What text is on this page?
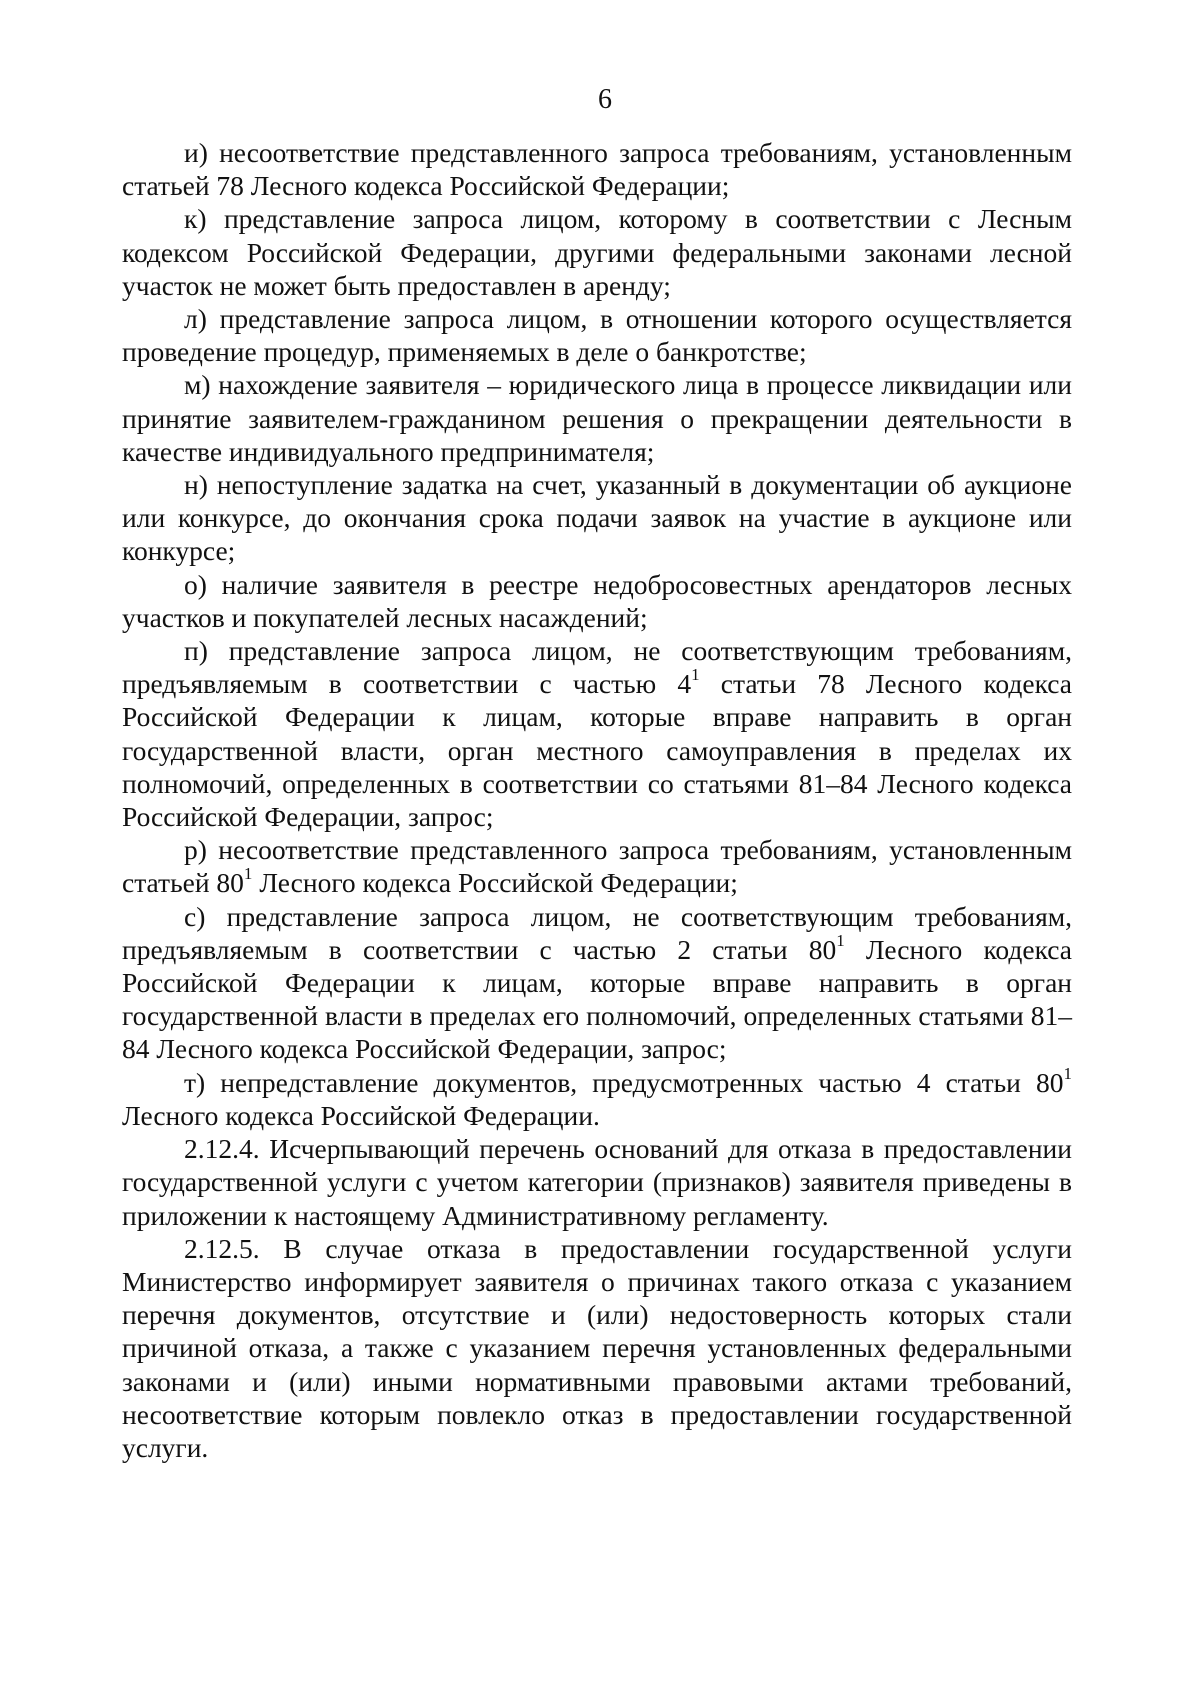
6

и) несоответствие представленного запроса требованиям, установленным статьей 78 Лесного кодекса Российской Федерации;

к) представление запроса лицом, которому в соответствии с Лесным кодексом Российской Федерации, другими федеральными законами лесной участок не может быть предоставлен в аренду;

л) представление запроса лицом, в отношении которого осуществляется проведение процедур, применяемых в деле о банкротстве;

м) нахождение заявителя – юридического лица в процессе ликвидации или принятие заявителем-гражданином решения о прекращении деятельности в качестве индивидуального предпринимателя;

н) непоступление задатка на счет, указанный в документации об аукционе или конкурсе, до окончания срока подачи заявок на участие в аукционе или конкурсе;

о) наличие заявителя в реестре недобросовестных арендаторов лесных участков и покупателей лесных насаждений;

п) представление запроса лицом, не соответствующим требованиям, предъявляемым в соответствии с частью $4^1$ статьи 78 Лесного кодекса Российской Федерации к лицам, которые вправе направить в орган государственной власти, орган местного самоуправления в пределах их полномочий, определенных в соответствии со статьями 81–84 Лесного кодекса Российской Федерации, запрос;

р) несоответствие представленного запроса требованиям, установленным статьей $80^1$ Лесного кодекса Российской Федерации;

с) представление запроса лицом, не соответствующим требованиям, предъявляемым в соответствии с частью 2 статьи $80^1$ Лесного кодекса Российской Федерации к лицам, которые вправе направить в орган государственной власти в пределах его полномочий, определенных статьями 81–84 Лесного кодекса Российской Федерации, запрос;

т) непредставление документов, предусмотренных частью 4 статьи $80^1$ Лесного кодекса Российской Федерации.

2.12.4. Исчерпывающий перечень оснований для отказа в предоставлении государственной услуги с учетом категории (признаков) заявителя приведены в приложении к настоящему Административному регламенту.

2.12.5. В случае отказа в предоставлении государственной услуги Министерство информирует заявителя о причинах такого отказа с указанием перечня документов, отсутствие и (или) недостоверность которых стали причиной отказа, а также с указанием перечня установленных федеральными законами и (или) иными нормативными правовыми актами требований, несоответствие которым повлекло отказ в предоставлении государственной услуги.
